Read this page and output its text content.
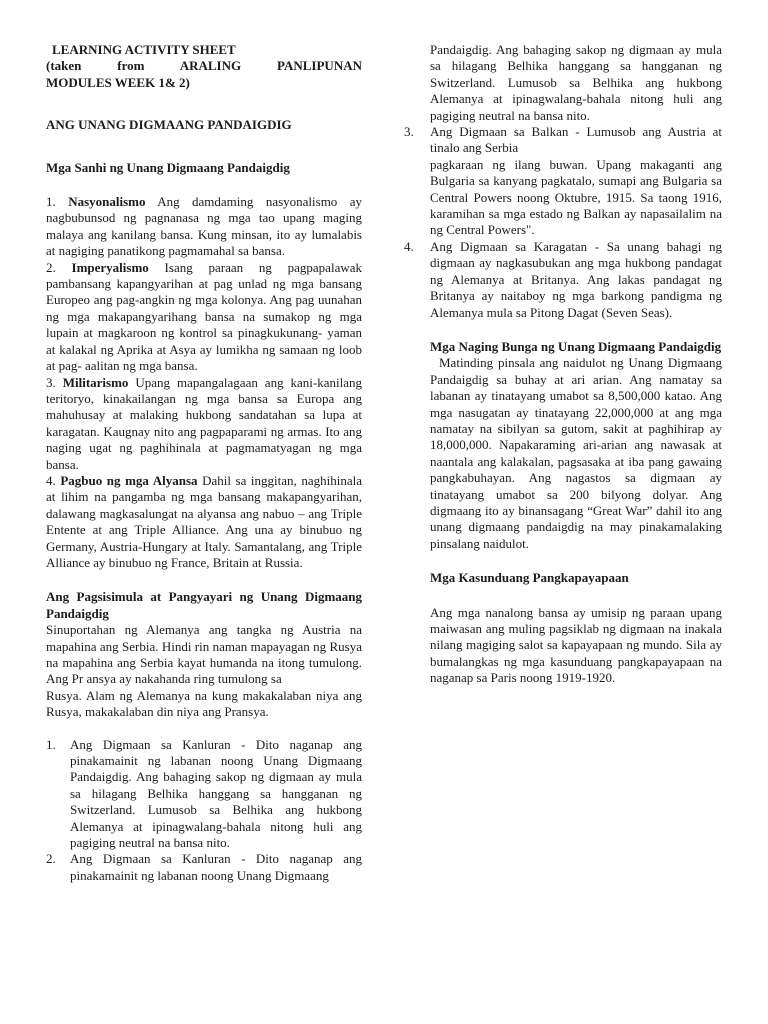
LEARNING ACTIVITY SHEET

(taken from ARALING PANLIPUNAN

MODULES WEEK 1& 2)

ANG UNANG DIGMAANG PANDAIGDIG

Mga Sanhi ng Unang Digmaang Pandaigdig

1. Nasyonalismo Ang damdaming nasyonalismo ay nagbubunsod ng pagnanasa ng mga tao upang maging malaya ang kanilang bansa. Kung minsan, ito ay lumalabis at nagiging panatikong pagmamahal sa bansa.

2. Imperyalismo Isang paraan ng pagpapalawak pambansang kapangyarihan at pag unlad ng mga bansang Europeo ang pag-angkin ng mga kolonya. Ang pag uunahan ng mga makapangyarihang bansa na sumakop ng mga lupain at magkaroon ng kontrol sa pinagkukunang- yaman at kalakal ng Aprika at Asya ay lumikha ng samaan ng loob at pag- aalitan ng mga bansa.

3. Militarismo Upang mapangalagaan ang kani-kanilang teritoryo, kinakailangan ng mga bansa sa Europa ang mahuhusay at malaking hukbong sandatahan sa lupa at karagatan. Kaugnay nito ang pagpaparami ng armas. Ito ang naging ugat ng paghihinala at pagmamatyagan ng mga bansa.

4. Pagbuo ng mga Alyansa Dahil sa inggitan, naghihinala at lihim na pangamba ng mga bansang makapangyarihan, dalawang magkasalungat na alyansa ang nabuo – ang Triple Entente at ang Triple Alliance. Ang una ay binubuo ng Germany, Austria-Hungary at Italy. Samantalang, ang Triple Alliance ay binubuo ng France, Britain at Russia.

Ang Pagsisimula at Pangyayari ng Unang Digmaang Pandaigdig

Sinuportahan ng Alemanya ang tangka ng Austria na mapahina ang Serbia. Hindi rin naman mapayagan ng Rusya na mapahina ang Serbia kayat humanda na itong tumulong. Ang Pr ansya ay nakahanda ring tumulong sa

Rusya. Alam ng Alemanya na kung makakalaban niya ang Rusya, makakalaban din niya ang Pransya.

1. Ang Digmaan sa Kanluran - Dito naganap ang pinakamainit ng labanan noong Unang Digmaang Pandaigdig. Ang bahaging sakop ng digmaan ay mula sa hilagang Belhika hanggang sa hangganan ng Switzerland. Lumusob sa Belhika ang hukbong Alemanya at ipinagwalang-bahala nitong huli ang pagiging neutral na bansa nito.
2. Ang Digmaan sa Kanluran - Dito naganap ang pinakamainit ng labanan noong Unang Digmaang

Pandaigdig. Ang bahaging sakop ng digmaan ay mula sa hilagang Belhika hanggang sa hangganan ng Switzerland. Lumusob sa Belhika ang hukbong Alemanya at ipinagwalang-bahala nitong huli ang pagiging neutral na bansa nito.

3. Ang Digmaan sa Balkan - Lumusob ang Austria at tinalo ang Serbia

pagkaraan ng ilang buwan. Upang makaganti ang Bulgaria sa kanyang pagkatalo, sumapi ang Bulgaria sa Central Powers noong Oktubre, 1915. Sa taong 1916, karamihan sa mga estado ng Balkan ay napasailalim na ng Central Powers".

4. Ang Digmaan sa Karagatan - Sa unang bahagi ng digmaan ay nagkasubukan ang mga hukbong pandagat ng Alemanya at Britanya. Ang lakas pandagat ng Britanya ay naitaboy ng mga barkong pandigma ng Alemanya mula sa Pitong Dagat (Seven Seas).

Mga Naging Bunga ng Unang Digmaang Pandaigdig

Matinding pinsala ang naidulot ng Unang Digmaang Pandaigdig sa buhay at ari arian. Ang namatay sa labanan ay tinatayang umabot sa 8,500,000 katao. Ang mga nasugatan ay tinatayang 22,000,000 at ang mga namatay na sibilyan sa gutom, sakit at paghihirap ay 18,000,000. Napakaraming ari-arian ang nawasak at naantala ang kalakalan, pagsasaka at iba pang gawaing pangkabuhayan. Ang nagastos sa digmaan ay tinatayang umabot sa 200 bilyong dolyar. Ang digmaang ito ay binansagang “Great War” dahil ito ang unang digmaang pandaigdig na may pinakamalaking pinsalang naidulot.

Mga Kasunduang Pangkapayapaan

Ang mga nanalong bansa ay umisip ng paraan upang maiwasan ang muling pagsiklab ng digmaan na inakala nilang magiging salot sa kapayapaan ng mundo. Sila ay bumalangkas ng mga kasunduang pangkapayapaan na naganap sa Paris noong 1919-1920.
